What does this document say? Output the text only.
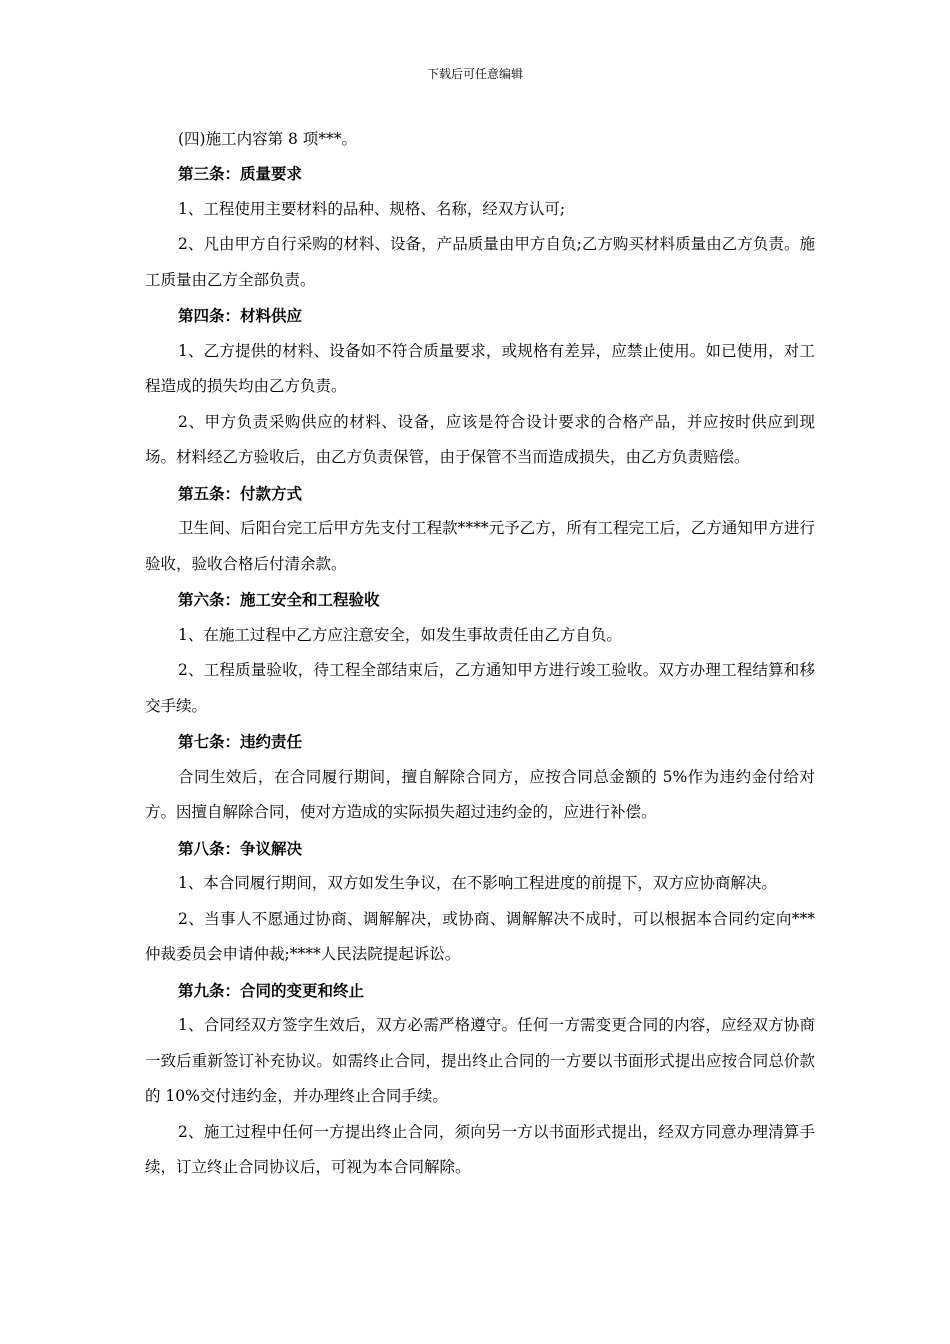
下载后可任意编辑

(四)施工内容第 8 项***。

第三条：质量要求

1、工程使用主要材料的品种、规格、名称，经双方认可;

2、凡由甲方自行采购的材料、设备，产品质量由甲方自负;乙方购买材料质量由乙方负责。施工质量由乙方全部负责。

第四条：材料供应

1、乙方提供的材料、设备如不符合质量要求，或规格有差异，应禁止使用。如已使用，对工程造成的损失均由乙方负责。

2、甲方负责采购供应的材料、设备，应该是符合设计要求的合格产品，并应按时供应到现场。材料经乙方验收后，由乙方负责保管，由于保管不当而造成损失，由乙方负责赔偿。

第五条：付款方式

卫生间、后阳台完工后甲方先支付工程款****元予乙方，所有工程完工后，乙方通知甲方进行验收，验收合格后付清余款。

第六条：施工安全和工程验收

1、在施工过程中乙方应注意安全，如发生事故责任由乙方自负。

2、工程质量验收，待工程全部结束后，乙方通知甲方进行竣工验收。双方办理工程结算和移交手续。

第七条：违约责任

合同生效后，在合同履行期间，擅自解除合同方，应按合同总金额的 5%作为违约金付给对方。因擅自解除合同，使对方造成的实际损失超过违约金的，应进行补偿。

第八条：争议解决

1、本合同履行期间，双方如发生争议，在不影响工程进度的前提下，双方应协商解决。

2、当事人不愿通过协商、调解解决，或协商、调解解决不成时，可以根据本合同约定向***仲裁委员会申请仲裁;****人民法院提起诉讼。

第九条：合同的变更和终止

1、合同经双方签字生效后，双方必需严格遵守。任何一方需变更合同的内容，应经双方协商一致后重新签订补充协议。如需终止合同，提出终止合同的一方要以书面形式提出应按合同总价款的 10%交付违约金，并办理终止合同手续。

2、施工过程中任何一方提出终止合同，须向另一方以书面形式提出，经双方同意办理清算手续，订立终止合同协议后，可视为本合同解除。
